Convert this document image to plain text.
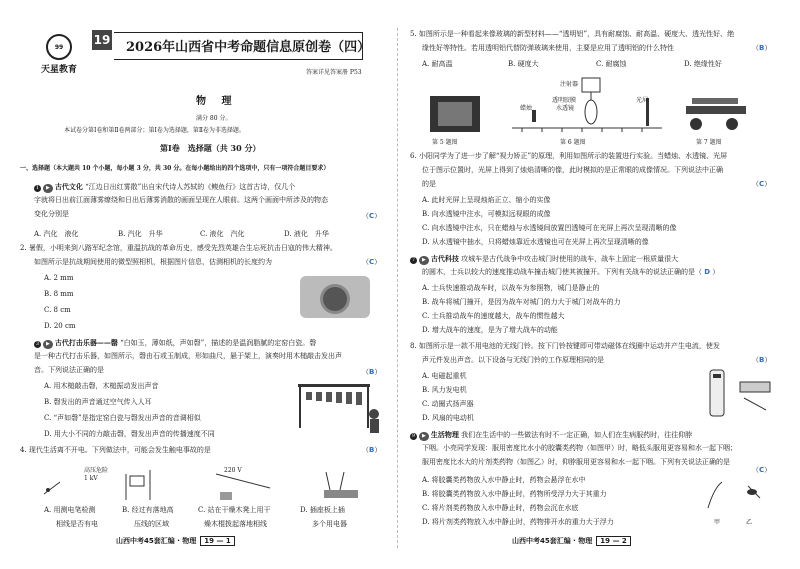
99
天星教育
19 2026年山西省中考命题信息原创卷（四）
答案详见答案册 P53
物 理
满分 80 分。
本试卷分第Ⅰ卷和第Ⅱ卷两部分；第Ⅰ卷为选择题，第Ⅱ卷为非选择题。
第Ⅰ卷　选择题（共 30 分）
一、选择题（本大题共 10 个小题，每小题 3 分，共 30 分。在每小题给出的四个选项中，只有一项符合题目要求）
1 ▶ 古代文化 “江边日出红雾散”出自宋代诗人苏轼的《鳆鱼行》这首古诗，仅几个
字就将日出前江面薄雾缭绕和日出后薄雾消散的画面呈现在人眼前。这两个画面中所涉及的物态
变化分别是	（C）
A. 汽化　液化	B. 汽化　升华	C. 液化　汽化	D. 液化　升华
2. 暑假，小明来到八路军纪念馆，重温抗战的革命历史，感受先烈英雄合生忘死抗击日寇的伟大精神。
如图所示是抗战期间使用的微型照相机，根据图片信息，估测相机的长度约为	（C）
A. 2 mm
B. 8 mm
C. 8 cm
D. 20 cm
3 ▶ 古代打击乐器——罄 “白如玉，薄如纸，声如磬”，描述的是温润脂腻的定窑白瓷。磬
是一种古代打击乐器，如图所示，磬由石或玉制成，形如曲尺，悬于架上，演奏时用木槌敲击发出声
音。下列说法正确的是	（B）
A. 用木槌敲击磬，木槌振动发出声音
B. 磬发出的声音通过空气传入人耳
C. “声如磬”是指定窑白瓷与磬发出声音的音调相似
D. 用大小不同的力敲击磬，磬发出声音的传播速度不同
4. 现代生活离不开电。下列做法中，可能会发生触电事故的是	（B）
高压危险
1 kV
220 V
A. 用测电笔检测	B. 经过有落地高	C. 站在干燥木凳上用干	D. 插座板上插
相线是否有电	压线的区域	燥木棍拨起落地相线	多个用电器
山西中考45套汇编 · 物理 19 — 1
5. 如图所示是一种看起来像玻璃的新型材料——“透明铝”，具有耐腐蚀、耐高温、硬度大、透光性好、绝
缘性好等特性。若用透明铝代替防弹玻璃来使用，主要是应用了透明铝的什么特性	（B）
A. 耐高温	B. 硬度大	C. 耐腐蚀	D. 绝缘性好
注射器
透明胶膜
水透镜
蜡烛
光屏
第 5 题图	第 6 题图	第 7 题图
6. 小阳同学为了进一步了解“视力矫正”的原理，利用如图所示的装置进行实验。当蜡烛、水透镜、光屏
位于图示位置时，光屏上得到了烛焰清晰的像，此时模拟的是正常眼的成像情况。下列说法中正确
的是	（C）
A. 此时光屏上呈现烛焰正立、缩小的实像
B. 向水透镜中注水，可模拟远视眼的成像
C. 向水透镜中注水，只在蜡烛与水透镜间放置凹透镜可在光屏上再次呈现清晰的像
D. 从水透镜中抽水，只将蜡烛靠近水透镜也可在光屏上再次呈现清晰的像
7 ▶ 古代科技 攻城车是古代战争中攻击城门时使用的战车，战车上固定一根质量很大
的圆木，士兵以较大的速度推动战车撞击城门使其被撞开。下列有关战车的说法正确的是（ D ）
A. 士兵快速推动战车时，以战车为参照物，城门是静止的
B. 战车将城门撞开，是因为战车对城门的力大于城门对战车的力
C. 士兵推动战车的速度越大，战车的惯性越大
D. 增大战车的速度，是为了增大战车的动能
8. 如图所示是一款不用电池的无线门铃。按下门铃按键即可带动磁体在线圈中运动并产生电流，使发
声元件发出声音。以下设备与无线门铃的工作原理相同的是	（B）
A. 电磁起重机
B. 风力发电机
C. 动圈式扬声器
D. 风扇的电动机
9 ▶ 生活物理 我们在生活中的一些做法有时不一定正确，如人们在生病服药时，往往仰脖
下咽。小亮同学发现：服用密度比水小的胶囊类药物（如图甲）时，略低头服用更容易和水一起下咽；
服用密度比水大的片剂类药物（如图乙）时，仰脖服用更容易和水一起下咽。下列有关说法正确的是
（C）
A. 将胶囊类药物放入水中静止时，药物会悬浮在水中
B. 将胶囊类药物放入水中静止时，药物所受浮力大于其重力
C. 将片剂类药物放入水中静止时，药物会沉在水底
D. 将片剂类药物放入水中静止时，药物排开水的重力大于浮力	甲	乙
山西中考45套汇编 · 物理 19 — 2
